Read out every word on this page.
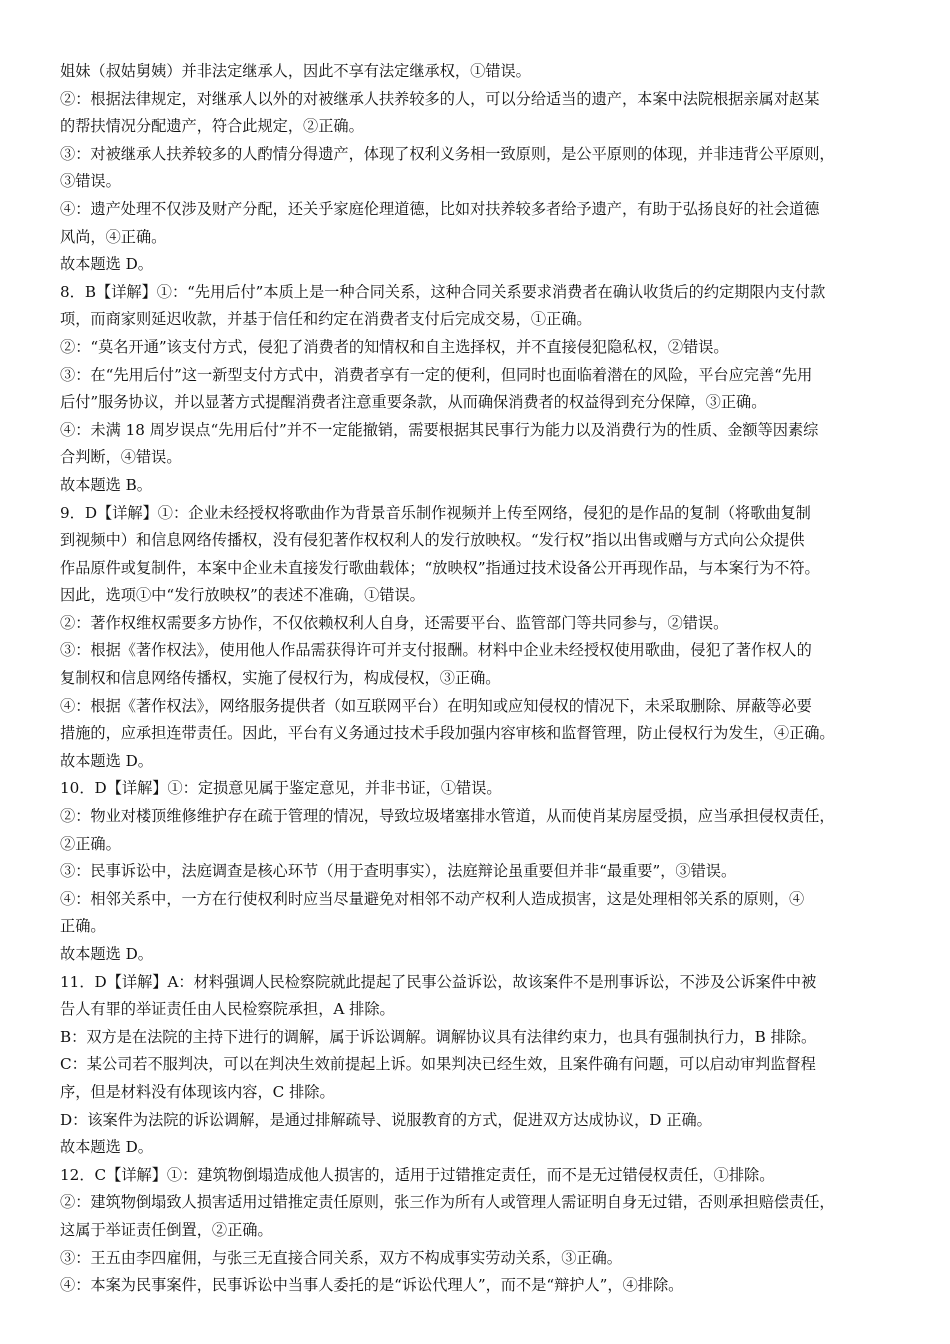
姐妹（叔姑舅姨）并非法定继承人，因此不享有法定继承权，①错误。
②：根据法律规定，对继承人以外的对被继承人扶养较多的人，可以分给适当的遗产，本案中法院根据亲属对赵某
的帮扶情况分配遗产，符合此规定，②正确。
③：对被继承人扶养较多的人酌情分得遗产，体现了权利义务相一致原则，是公平原则的体现，并非违背公平原则，
③错误。
④：遗产处理不仅涉及财产分配，还关乎家庭伦理道德，比如对扶养较多者给予遗产，有助于弘扬良好的社会道德
风尚，④正确。
故本题选 D。
8．B【详解】①：“先用后付”本质上是一种合同关系，这种合同关系要求消费者在确认收货后的约定期限内支付款
项，而商家则延迟收款，并基于信任和约定在消费者支付后完成交易，①正确。
②：“莫名开通”该支付方式，侵犯了消费者的知情权和自主选择权，并不直接侵犯隐私权，②错误。
③：在“先用后付”这一新型支付方式中，消费者享有一定的便利，但同时也面临着潜在的风险，平台应完善“先用
后付”服务协议，并以显著方式提醒消费者注意重要条款，从而确保消费者的权益得到充分保障，③正确。
④：未满 18 周岁误点“先用后付”并不一定能撤销，需要根据其民事行为能力以及消费行为的性质、金额等因素综
合判断，④错误。
故本题选 B。
9．D【详解】①：企业未经授权将歌曲作为背景音乐制作视频并上传至网络，侵犯的是作品的复制（将歌曲复制
到视频中）和信息网络传播权，没有侵犯著作权权利人的发行放映权。“发行权”指以出售或赠与方式向公众提供
作品原件或复制件，本案中企业未直接发行歌曲载体；“放映权”指通过技术设备公开再现作品，与本案行为不符。
因此，选项①中“发行放映权”的表述不准确，①错误。
②：著作权维权需要多方协作，不仅依赖权利人自身，还需要平台、监管部门等共同参与，②错误。
③：根据《著作权法》，使用他人作品需获得许可并支付报酬。材料中企业未经授权使用歌曲，侵犯了著作权人的
复制权和信息网络传播权，实施了侵权行为，构成侵权，③正确。
④：根据《著作权法》，网络服务提供者（如互联网平台）在明知或应知侵权的情况下，未采取删除、屏蔽等必要
措施的，应承担连带责任。因此，平台有义务通过技术手段加强内容审核和监督管理，防止侵权行为发生，④正确。
故本题选 D。
10．D【详解】①：定损意见属于鉴定意见，并非书证，①错误。
②：物业对楼顶维修维护存在疏于管理的情况，导致垃圾堵塞排水管道，从而使肖某房屋受损，应当承担侵权责任，
②正确。
③：民事诉讼中，法庭调查是核心环节（用于查明事实），法庭辩论虽重要但并非“最重要”，③错误。
④：相邻关系中，一方在行使权利时应当尽量避免对相邻不动产权利人造成损害，这是处理相邻关系的原则，④
正确。
故本题选 D。
11．D【详解】A：材料强调人民检察院就此提起了民事公益诉讼，故该案件不是刑事诉讼，不涉及公诉案件中被
告人有罪的举证责任由人民检察院承担，A 排除。
B：双方是在法院的主持下进行的调解，属于诉讼调解。调解协议具有法律约束力，也具有强制执行力，B 排除。
C：某公司若不服判决，可以在判决生效前提起上诉。如果判决已经生效，且案件确有问题，可以启动审判监督程
序，但是材料没有体现该内容，C 排除。
D：该案件为法院的诉讼调解，是通过排解疏导、说服教育的方式，促进双方达成协议，D 正确。
故本题选 D。
12．C【详解】①：建筑物倒塌造成他人损害的，适用于过错推定责任，而不是无过错侵权责任，①排除。
②：建筑物倒塌致人损害适用过错推定责任原则，张三作为所有人或管理人需证明自身无过错，否则承担赔偿责任，
这属于举证责任倒置，②正确。
③：王五由李四雇佣，与张三无直接合同关系，双方不构成事实劳动关系，③正确。
④：本案为民事案件，民事诉讼中当事人委托的是“诉讼代理人”，而不是“辩护人”，④排除。
